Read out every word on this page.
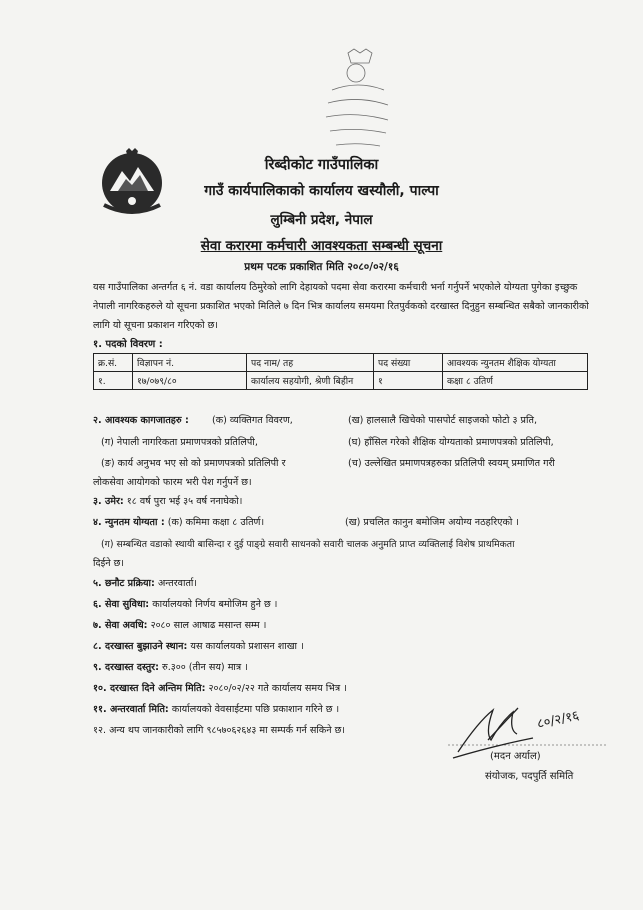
रिब्दीकोट गाउँपालिका
गाउँ कार्यपालिकाको कार्यालय खस्यौली, पाल्पा
लुम्बिनी प्रदेश, नेपाल
सेवा करारमा कर्मचारी आवश्यकता सम्बन्धी सूचना
प्रथम पटक प्रकाशित मिति २०८०/०२/१६
यस गाउँपालिका अन्तर्गत ६ नं. वडा कार्यालय ठिमुरेको लागि देहायको पदमा सेवा करारमा कर्मचारी भर्ना गर्नुपर्ने भएकोले योग्यता पुगेका इच्छुक नेपाली नागरिकहरुले यो सूचना प्रकाशित भएको मितिले ७ दिन भित्र कार्यालय समयमा रितपुर्वकको दरखास्त दिनुहुन सम्बन्धित सबैको जानकारीको लागि यो सूचना प्रकाशन गरिएको छ।
१. पदको विवरण :
क्र.सं.	विज्ञापन नं.	पद नाम/ तह	पद संख्या	आवश्यक न्युनतम शैक्षिक योग्यता
१.	१७/०७९/८०	कार्यालय सहयोगी, श्रेणी बिहीन	१	कक्षा ८ उतिर्ण
२. आवश्यक कागजातहरु : (क) व्यक्तिगत विवरण,	(ख) हालसालै खिचेको पासपोर्ट साइजको फोटो ३ प्रति,
(ग) नेपाली नागरिकता प्रमाणपत्रको प्रतिलिपी,	(घ) हाँसिल गरेको शैक्षिक योग्यताको प्रमाणपत्रको प्रतिलिपी,
(ङ) कार्य अनुभव भए सो को प्रमाणपत्रको प्रतिलिपी र	(च) उल्लेखित प्रमाणपत्रहरुका प्रतिलिपी स्वयम् प्रमाणित गरी
लोकसेवा आयोगको फारम भरी पेश गर्नुपर्ने छ।
३. उमेर: १८ वर्ष पुरा भई ३५ वर्ष ननाघेको।
४. न्युनतम योग्यता : (क) कमिमा कक्षा ८ उतिर्ण।	(ख) प्रचलित कानुन बमोजिम अयोग्य नठहरिएको ।
(ग) सम्बन्धित वडाको स्थायी बासिन्दा र दुई पाङ्ग्रे सवारी साधनको सवारी चालक अनुमति प्राप्त व्यक्तिलाई विशेष प्राथमिकता
दिईने छ।
५. छनौट प्रक्रिया: अन्तरवार्ता।
६. सेवा सुविधा: कार्यालयको निर्णय बमोजिम हुने छ ।
७. सेवा अवधि: २०८० साल आषाढ मसान्त सम्म ।
८. दरखास्त बुझाउने स्थान: यस कार्यालयको प्रशासन शाखा ।
९. दरखास्त दस्तुर: रु.३०० (तीन सय) मात्र ।
१०. दरखास्त दिने अन्तिम मिति: २०८०/०२/२२ गते कार्यालय समय भित्र ।
११. अन्तरवार्ता मिति: कार्यालयको वेवसाईटमा पछि प्रकाशान गरिने छ ।
१२. अन्य थप जानकारीको लागि ९८५७०६२६४३ मा सम्पर्क गर्न सकिने छ।	८०/२/१६
(मदन अर्याल)
संयोजक, पदपुर्ति समिति
